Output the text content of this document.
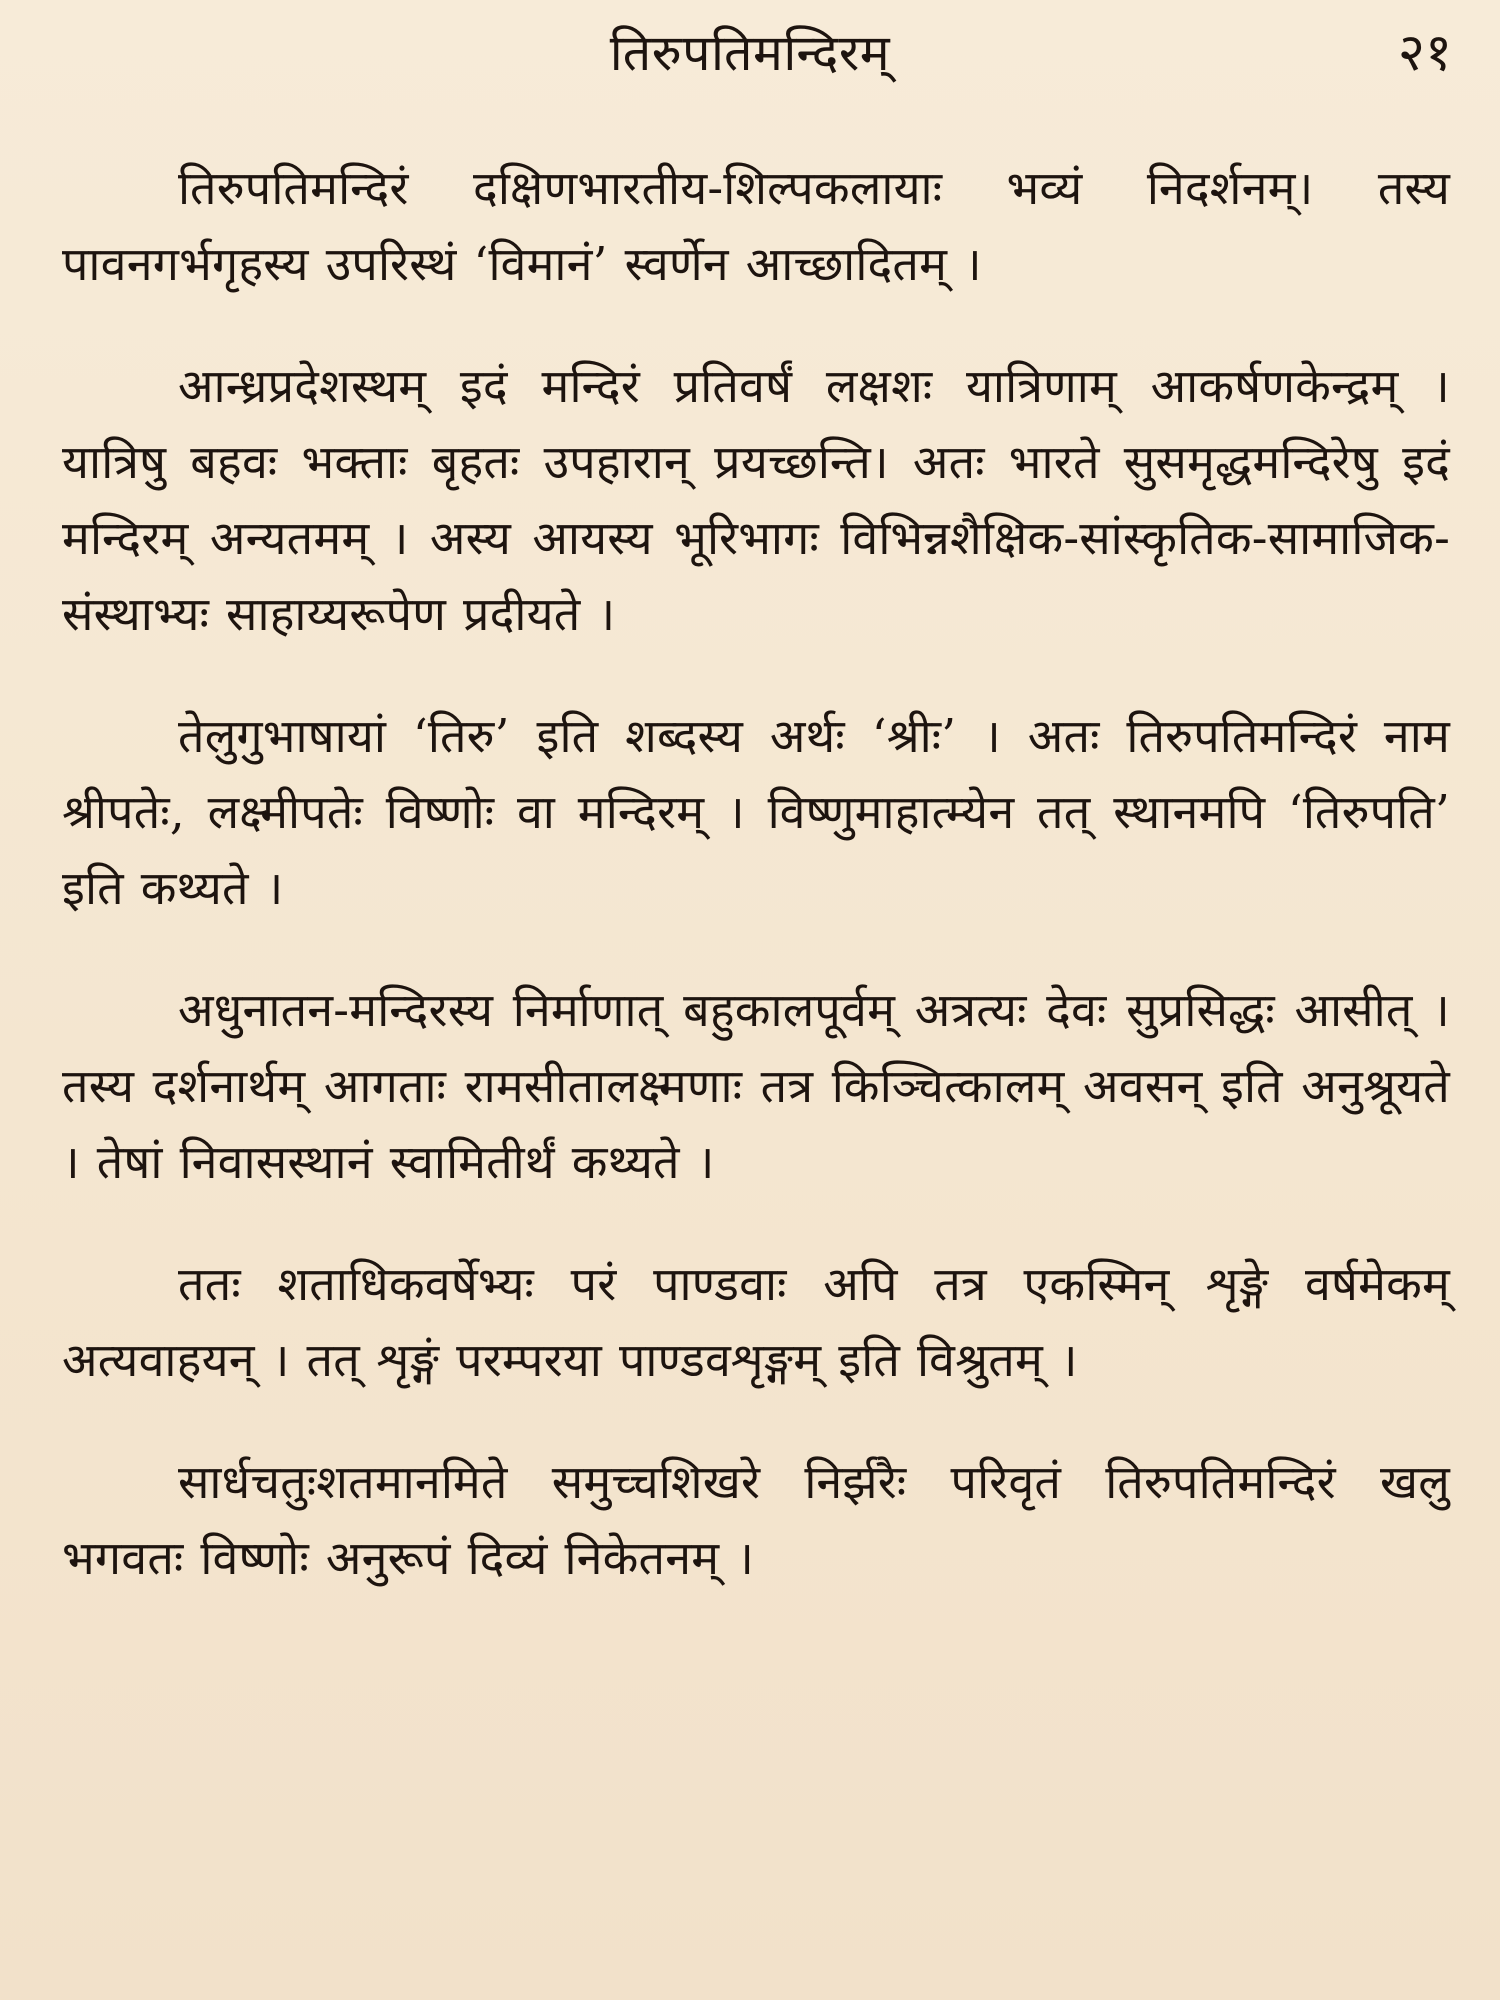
तिरुपतिमन्दिरम्	२१

तिरुपतिमन्दिरं दक्षिणभारतीय-शिल्पकलायाः भव्यं निदर्शनम्। तस्य पावनगर्भगृहस्य उपरिस्थं ‘विमानं’ स्वर्णेन आच्छादितम् ।

आन्ध्रप्रदेशस्थम् इदं मन्दिरं प्रतिवर्षं लक्षशः यात्रिणाम् आकर्षणकेन्द्रम् । यात्रिषु बहवः भक्ताः बृहतः उपहारान् प्रयच्छन्ति। अतः भारते सुसमृद्धमन्दिरेषु इदं मन्दिरम् अन्यतमम् । अस्य आयस्य भूरिभागः विभिन्नशैक्षिक-सांस्कृतिक-सामाजिक-संस्थाभ्यः साहाय्यरूपेण प्रदीयते ।

तेलुगुभाषायां ‘तिरु’ इति शब्दस्य अर्थः ‘श्रीः’ । अतः तिरुपतिमन्दिरं नाम श्रीपतेः, लक्ष्मीपतेः विष्णोः वा मन्दिरम् । विष्णुमाहात्म्येन तत् स्थानमपि ‘तिरुपति’ इति कथ्यते ।

अधुनातन-मन्दिरस्य निर्माणात् बहुकालपूर्वम् अत्रत्यः देवः सुप्रसिद्धः आसीत् । तस्य दर्शनार्थम् आगताः रामसीतालक्ष्मणाः तत्र किञ्चित्कालम् अवसन् इति अनुश्रूयते । तेषां निवासस्थानं स्वामितीर्थं कथ्यते ।

ततः शताधिकवर्षेभ्यः परं पाण्डवाः अपि तत्र एकस्मिन् शृङ्गे वर्षमेकम् अत्यवाहयन् । तत् शृङ्गं परम्परया पाण्डवशृङ्गम् इति विश्रुतम् ।

सार्धचतुःशतमानमिते समुच्चशिखरे निर्झरैः परिवृतं तिरुपतिमन्दिरं खलु भगवतः विष्णोः अनुरूपं दिव्यं निकेतनम् ।
